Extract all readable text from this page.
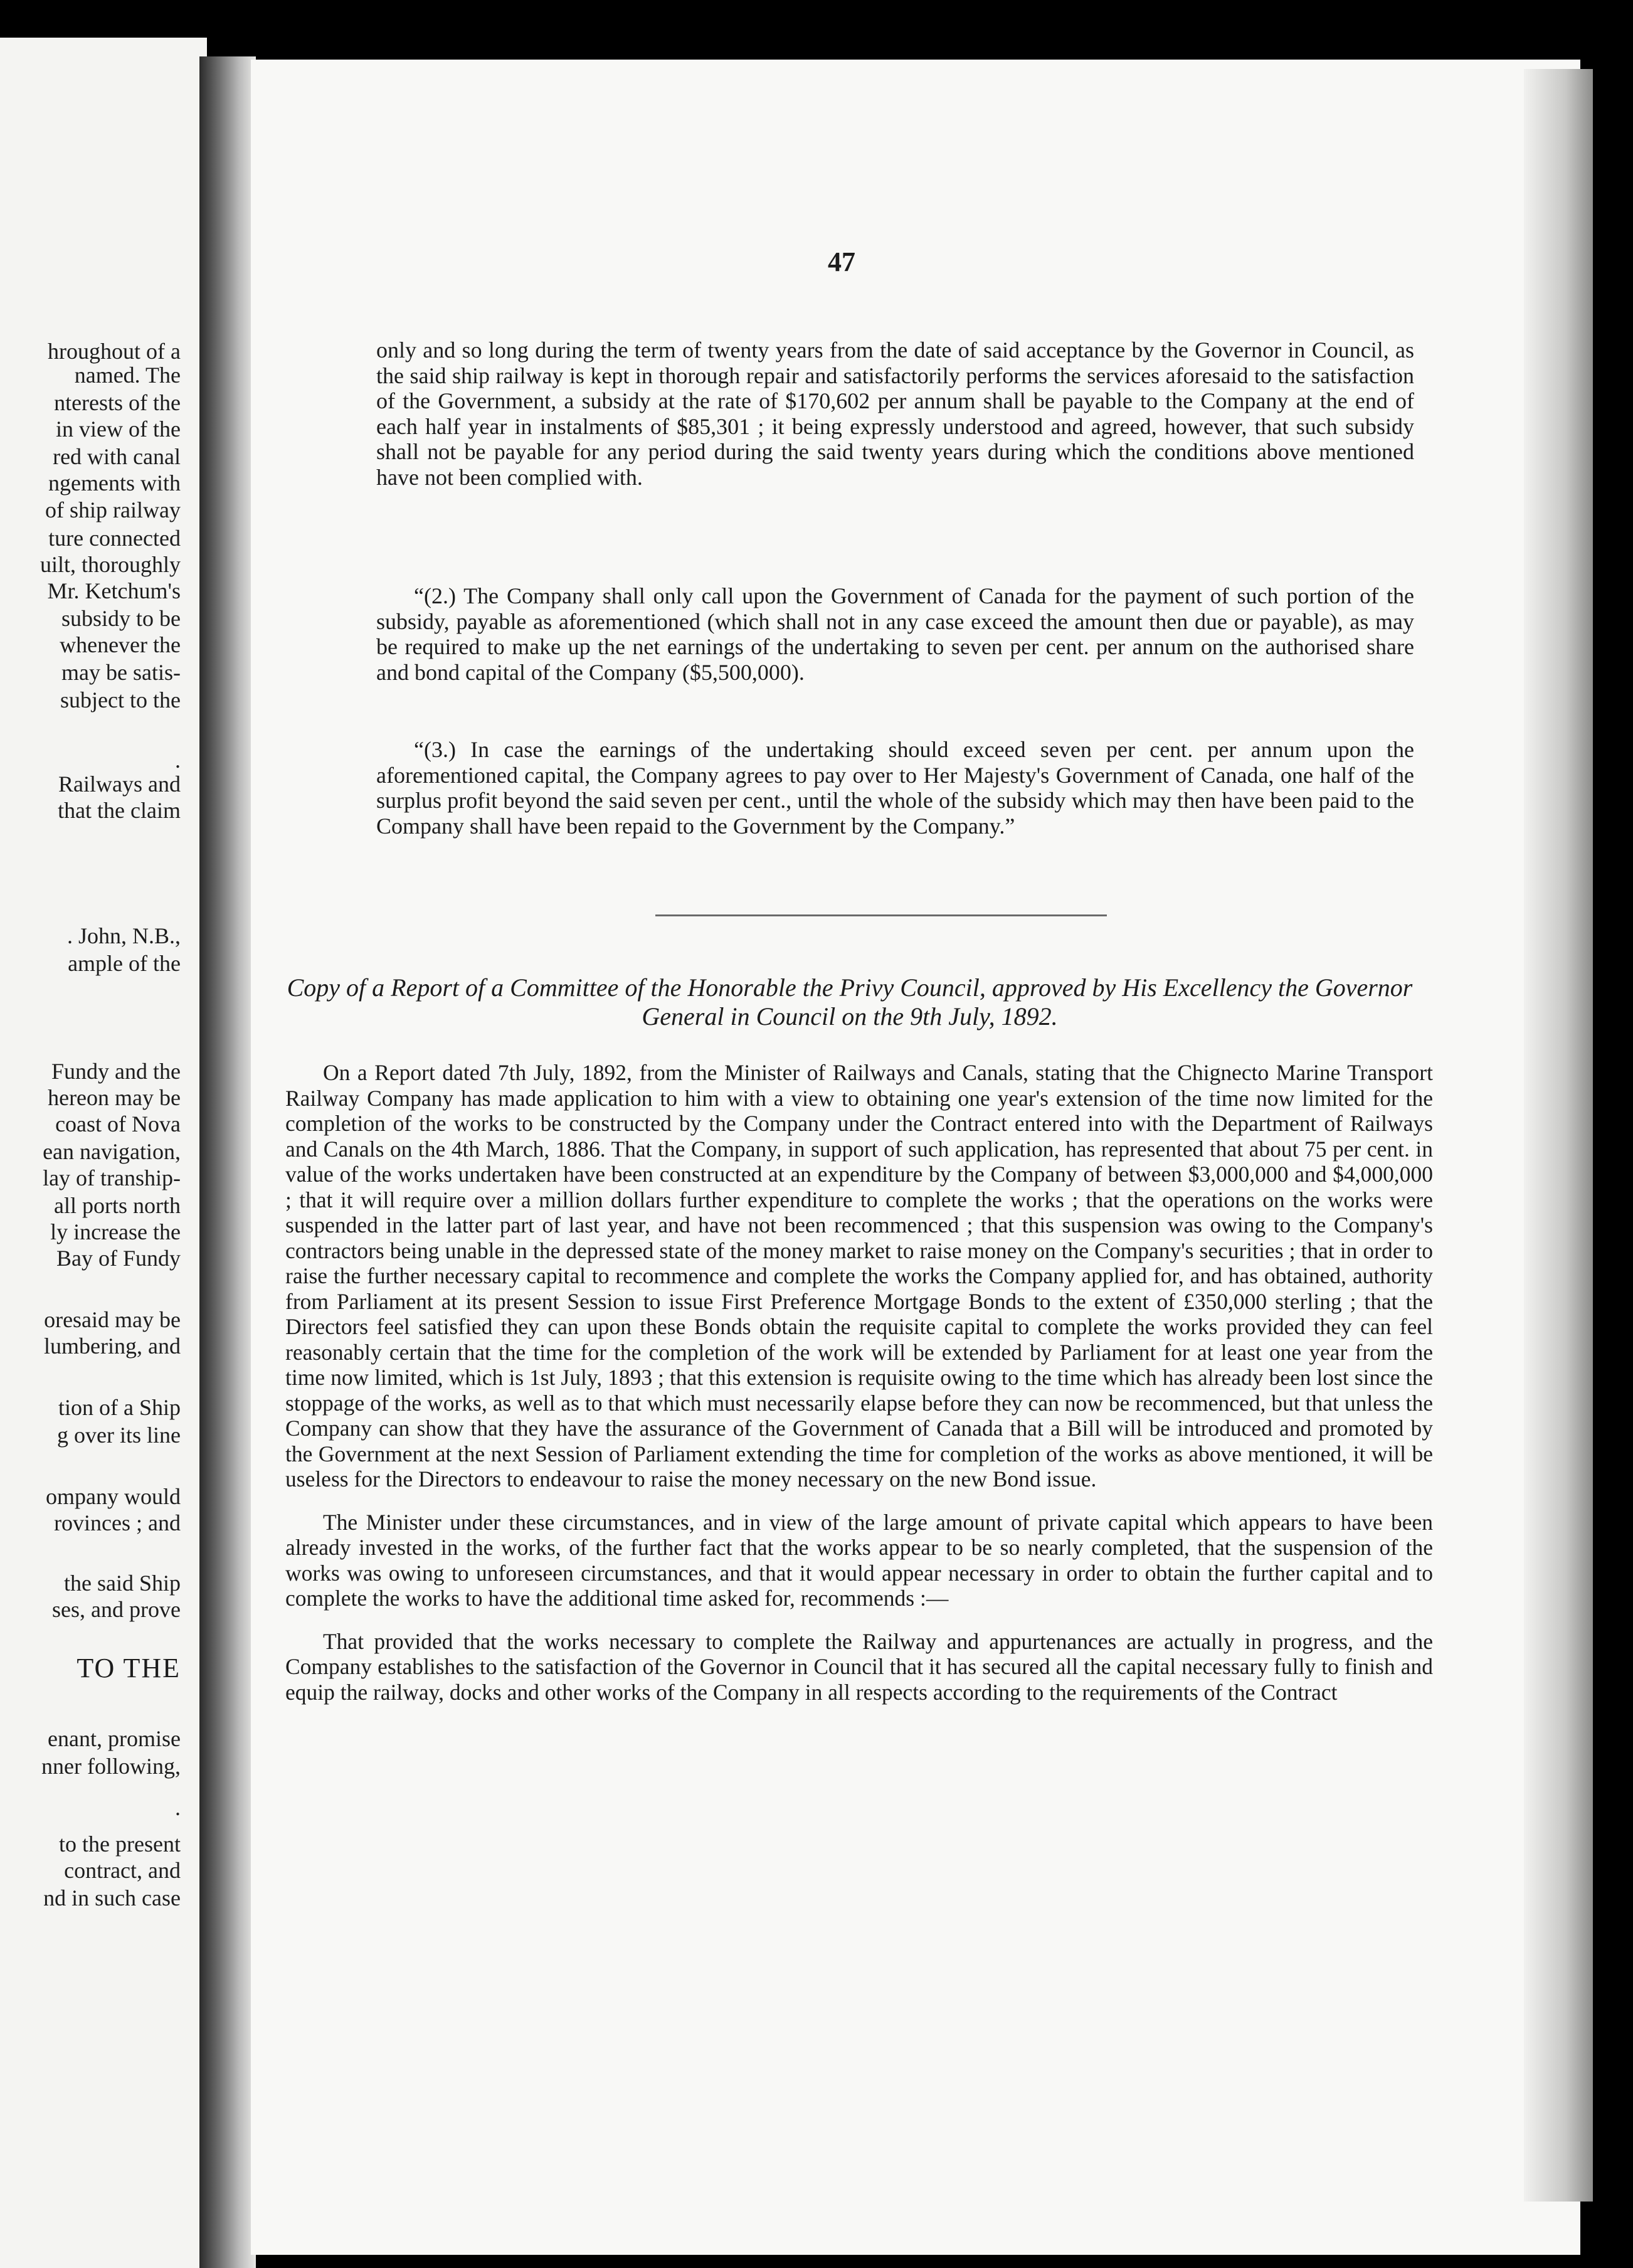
hroughout of a
named. The
nterests of the
in view of the
red with canal
ngements with
of ship railway
ture connected
uilt, thoroughly
Mr. Ketchum's
subsidy to be
whenever the
may be satis-
subject to the
.
Railways and
that the claim
. John, N.B.,
ample of the
Fundy and the
hereon may be
coast of Nova
ean navigation,
lay of tranship-
all ports north
ly increase the
Bay of Fundy
oresaid may be
lumbering, and
tion of a Ship
g over its line
ompany would
rovinces ; and
the said Ship
ses, and prove
TO THE
enant, promise
nner following,
.
to the present
contract, and
nd in such case
47

only and so long during the term of twenty years from the date of said acceptance by the Governor in Council, as the said ship railway is kept in thorough repair and satisfactorily performs the services aforesaid to the satisfaction of the Government, a subsidy at the rate of $170,602 per annum shall be payable to the Company at the end of each half year in instalments of $85,301 ; it being expressly understood and agreed, however, that such subsidy shall not be payable for any period during the said twenty years during which the conditions above mentioned have not been complied with.

“(2.) The Company shall only call upon the Government of Canada for the payment of such portion of the subsidy, payable as aforementioned (which shall not in any case exceed the amount then due or payable), as may be required to make up the net earnings of the undertaking to seven per cent. per annum on the authorised share and bond capital of the Company ($5,500,000).

“(3.) In case the earnings of the undertaking should exceed seven per cent. per annum upon the aforementioned capital, the Company agrees to pay over to Her Majesty's Government of Canada, one half of the surplus profit beyond the said seven per cent., until the whole of the subsidy which may then have been paid to the Company shall have been repaid to the Government by the Company.”

Copy of a Report of a Committee of the Honorable the Privy Council, approved by His Excellency the Governor General in Council on the 9th July, 1892.

On a Report dated 7th July, 1892, from the Minister of Railways and Canals, stating that the Chignecto Marine Transport Railway Company has made application to him with a view to obtaining one year's extension of the time now limited for the completion of the works to be constructed by the Company under the Contract entered into with the Department of Railways and Canals on the 4th March, 1886. That the Company, in support of such application, has represented that about 75 per cent. in value of the works undertaken have been constructed at an expenditure by the Company of between $3,000,000 and $4,000,000 ; that it will require over a million dollars further expenditure to complete the works ; that the operations on the works were suspended in the latter part of last year, and have not been recommenced ; that this suspension was owing to the Company's contractors being unable in the depressed state of the money market to raise money on the Company's securities ; that in order to raise the further necessary capital to recommence and complete the works the Company applied for, and has obtained, authority from Parliament at its present Session to issue First Preference Mortgage Bonds to the extent of £350,000 sterling ; that the Directors feel satisfied they can upon these Bonds obtain the requisite capital to complete the works provided they can feel reasonably certain that the time for the completion of the work will be extended by Parliament for at least one year from the time now limited, which is 1st July, 1893 ; that this extension is requisite owing to the time which has already been lost since the stoppage of the works, as well as to that which must necessarily elapse before they can now be recommenced, but that unless the Company can show that they have the assurance of the Government of Canada that a Bill will be introduced and promoted by the Government at the next Session of Parliament extending the time for completion of the works as above mentioned, it will be useless for the Directors to endeavour to raise the money necessary on the new Bond issue.

The Minister under these circumstances, and in view of the large amount of private capital which appears to have been already invested in the works, of the further fact that the works appear to be so nearly completed, that the suspension of the works was owing to unforeseen circumstances, and that it would appear necessary in order to obtain the further capital and to complete the works to have the additional time asked for, recommends :—

That provided that the works necessary to complete the Railway and appurtenances are actually in progress, and the Company establishes to the satisfaction of the Governor in Council that it has secured all the capital necessary fully to finish and equip the railway, docks and other works of the Company in all respects according to the requirements of the Contract
